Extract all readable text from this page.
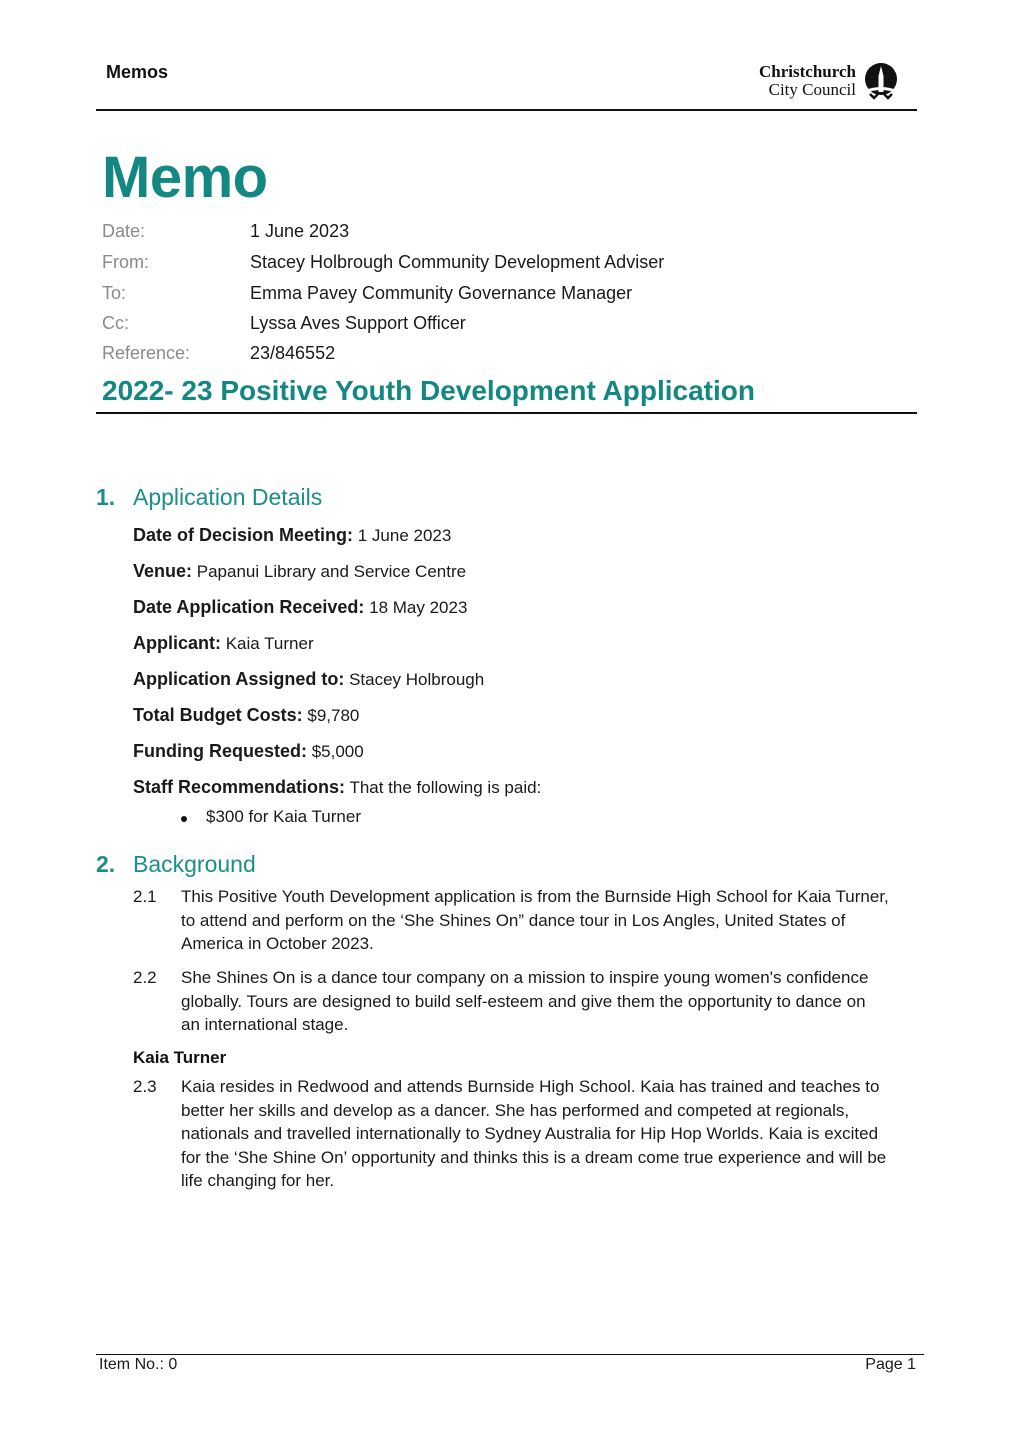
Memos	Christchurch
City Council
Memo
Date:	1 June 2023
From:	Stacey Holbrough Community Development Adviser
To:	Emma Pavey Community Governance Manager
Cc:	Lyssa Aves Support Officer
Reference:	23/846552
2022- 23 Positive Youth Development Application
1. Application Details
Date of Decision Meeting: 1 June 2023
Venue: Papanui Library and Service Centre
Date Application Received: 18 May 2023
Applicant: Kaia Turner
Application Assigned to: Stacey Holbrough
Total Budget Costs: $9,780
Funding Requested: $5,000
Staff Recommendations: That the following is paid:
$300 for Kaia Turner
2. Background
2.1 This Positive Youth Development application is from the Burnside High School for Kaia Turner,
to attend and perform on the ‘She Shines On” dance tour in Los Angles, United States of
America in October 2023.
2.2 She Shines On is a dance tour company on a mission to inspire young women's confidence
globally. Tours are designed to build self-esteem and give them the opportunity to dance on
an international stage.
Kaia Turner
2.3 Kaia resides in Redwood and attends Burnside High School. Kaia has trained and teaches to
better her skills and develop as a dancer. She has performed and competed at regionals,
nationals and travelled internationally to Sydney Australia for Hip Hop Worlds. Kaia is excited
for the ‘She Shine On’ opportunity and thinks this is a dream come true experience and will be
life changing for her.
Item No.: 0	Page 1
